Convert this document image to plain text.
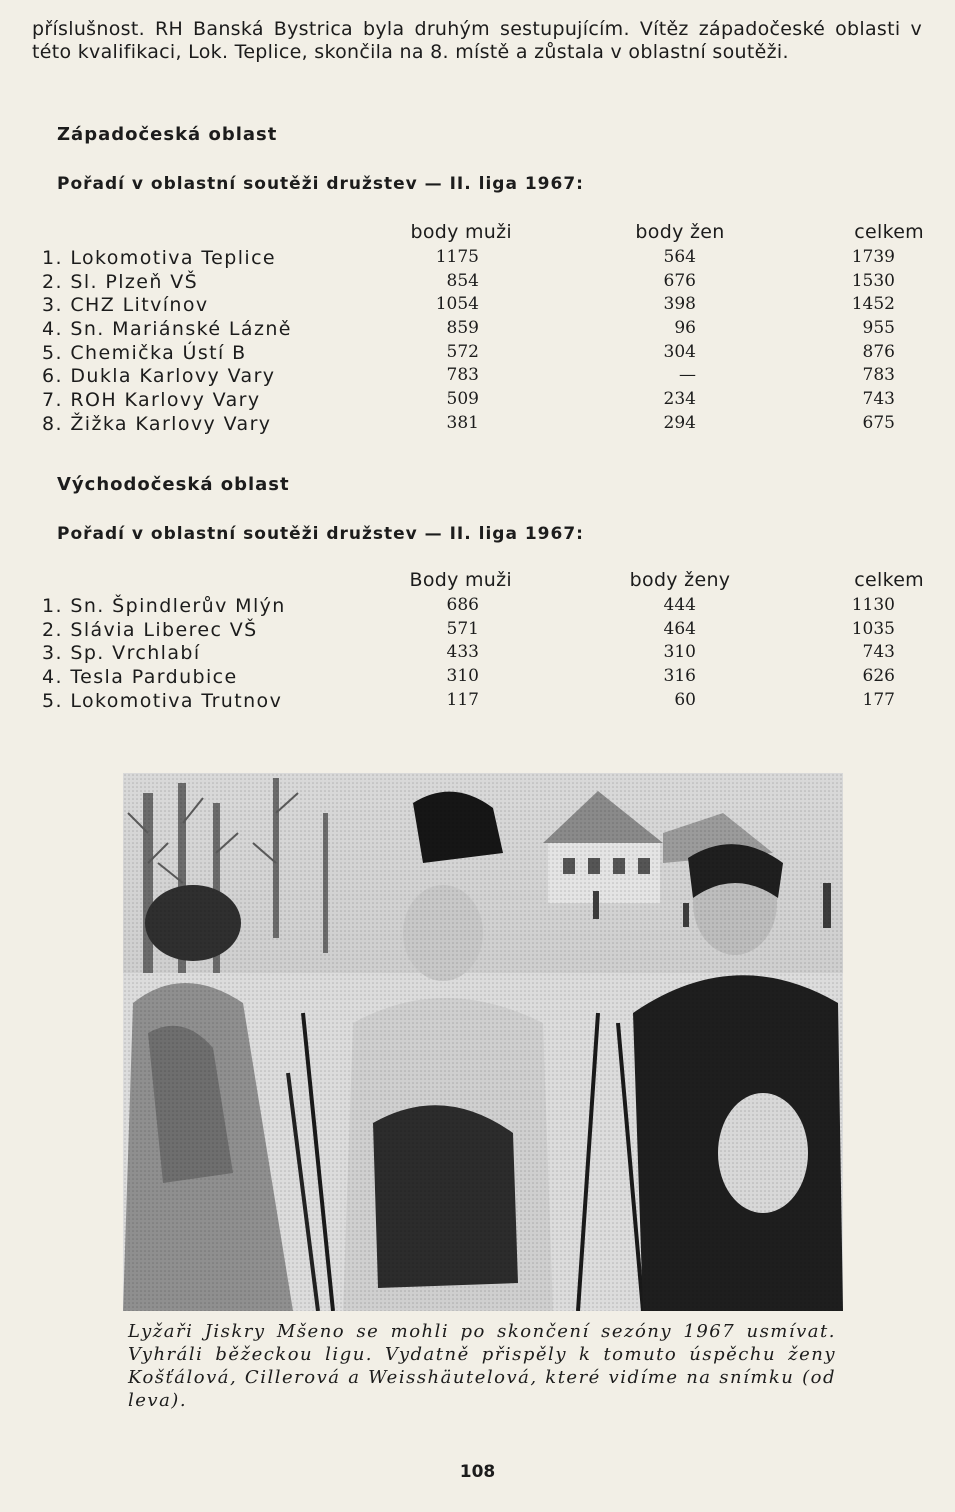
příslušnost. RH Banská Bystrica byla druhým sestupujícím. Vítěz západočeské oblasti v této kvalifikaci, Lok. Teplice, skončila na 8. místě a zůstala v oblastní soutěži.
Západočeská oblast
Pořadí v oblastní soutěži družstev — II. liga 1967:
body muži	body žen	celkem
1. Lokomotiva Teplice	1175	564	1739
2. Sl. Plzeň VŠ	854	676	1530
3. CHZ Litvínov	1054	398	1452
4. Sn. Mariánské Lázně	859	96	955
5. Chemička Ústí B	572	304	876
6. Dukla Karlovy Vary	783	—	783
7. ROH Karlovy Vary	509	234	743
8. Žižka Karlovy Vary	381	294	675
Východočeská oblast
Pořadí v oblastní soutěži družstev — II. liga 1967:
Body muži	body ženy	celkem
1. Sn. Špindlerův Mlýn	686	444	1130
2. Slávia Liberec VŠ	571	464	1035
3. Sp. Vrchlabí	433	310	743
4. Tesla Pardubice	310	316	626
5. Lokomotiva Trutnov	117	60	177
Lyžaři Jiskry Mšeno se mohli po skončení sezóny 1967 usmívat. Vyhráli běžeckou ligu. Vydatně přispěly k tomuto úspěchu ženy Košťálová, Cillerová a Weisshäutelová, které vidíme na snímku (od leva).
108
